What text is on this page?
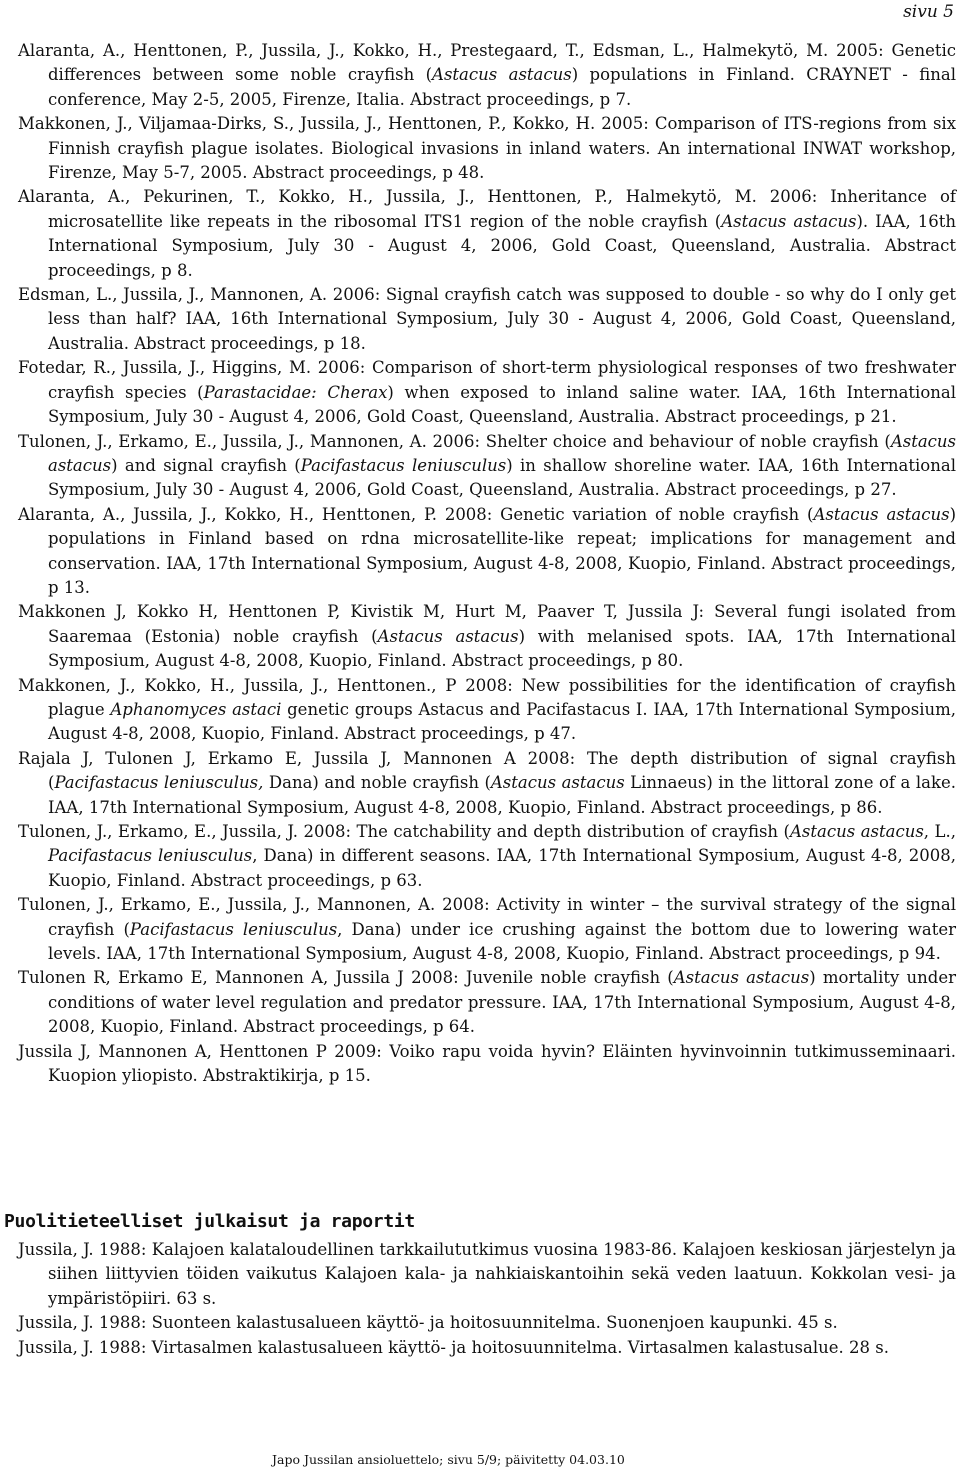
sivu 5
Alaranta, A., Henttonen, P., Jussila, J., Kokko, H., Prestegaard, T., Edsman, L., Halmekytö, M. 2005: Genetic differences between some noble crayfish (Astacus astacus) populations in Finland. CRAYNET - final conference, May 2-5, 2005, Firenze, Italia. Abstract proceedings, p 7.
Makkonen, J., Viljamaa-Dirks, S., Jussila, J., Henttonen, P., Kokko, H. 2005: Comparison of ITS-regions from six Finnish crayfish plague isolates. Biological invasions in inland waters. An international INWAT workshop, Firenze, May 5-7, 2005. Abstract proceedings, p 48.
Alaranta, A., Pekurinen, T., Kokko, H., Jussila, J., Henttonen, P., Halmekytö, M. 2006: Inheritance of microsatellite like repeats in the ribosomal ITS1 region of the noble crayfish (Astacus astacus). IAA, 16th International Symposium, July 30 - August 4, 2006, Gold Coast, Queensland, Australia. Abstract proceedings, p 8.
Edsman, L., Jussila, J., Mannonen, A. 2006: Signal crayfish catch was supposed to double - so why do I only get less than half? IAA, 16th International Symposium, July 30 - August 4, 2006, Gold Coast, Queensland, Australia. Abstract proceedings, p 18.
Fotedar, R., Jussila, J., Higgins, M. 2006: Comparison of short-term physiological responses of two freshwater crayfish species (Parastacidae: Cherax) when exposed to inland saline water. IAA, 16th International Symposium, July 30 - August 4, 2006, Gold Coast, Queensland, Australia. Abstract proceedings, p 21.
Tulonen, J., Erkamo, E., Jussila, J., Mannonen, A. 2006: Shelter choice and behaviour of noble crayfish (Astacus astacus) and signal crayfish (Pacifastacus leniusculus) in shallow shoreline water. IAA, 16th International Symposium, July 30 - August 4, 2006, Gold Coast, Queensland, Australia. Abstract proceedings, p 27.
Alaranta, A., Jussila, J., Kokko, H., Henttonen, P. 2008: Genetic variation of noble crayfish (Astacus astacus) populations in Finland based on rdna microsatellite-like repeat; implications for management and conservation. IAA, 17th International Symposium, August 4-8, 2008, Kuopio, Finland. Abstract proceedings, p 13.
Makkonen J, Kokko H, Henttonen P, Kivistik M, Hurt M, Paaver T, Jussila J: Several fungi isolated from Saaremaa (Estonia) noble crayfish (Astacus astacus) with melanised spots. IAA, 17th International Symposium, August 4-8, 2008, Kuopio, Finland. Abstract proceedings, p 80.
Makkonen, J., Kokko, H., Jussila, J., Henttonen., P 2008: New possibilities for the identification of crayfish plague Aphanomyces astaci genetic groups Astacus and Pacifastacus I. IAA, 17th International Symposium, August 4-8, 2008, Kuopio, Finland. Abstract proceedings, p 47.
Rajala J, Tulonen J, Erkamo E, Jussila J, Mannonen A 2008: The depth distribution of signal crayfish (Pacifastacus leniusculus, Dana) and noble crayfish (Astacus astacus Linnaeus) in the littoral zone of a lake. IAA, 17th International Symposium, August 4-8, 2008, Kuopio, Finland. Abstract proceedings, p 86.
Tulonen, J., Erkamo, E., Jussila, J. 2008: The catchability and depth distribution of crayfish (Astacus astacus, L., Pacifastacus leniusculus, Dana) in different seasons. IAA, 17th International Symposium, August 4-8, 2008, Kuopio, Finland. Abstract proceedings, p 63.
Tulonen, J., Erkamo, E., Jussila, J., Mannonen, A. 2008: Activity in winter – the survival strategy of the signal crayfish (Pacifastacus leniusculus, Dana) under ice crushing against the bottom due to lowering water levels. IAA, 17th International Symposium, August 4-8, 2008, Kuopio, Finland. Abstract proceedings, p 94.
Tulonen R, Erkamo E, Mannonen A, Jussila J 2008: Juvenile noble crayfish (Astacus astacus) mortality under conditions of water level regulation and predator pressure. IAA, 17th International Symposium, August 4-8, 2008, Kuopio, Finland. Abstract proceedings, p 64.
Jussila J, Mannonen A, Henttonen P 2009: Voiko rapu voida hyvin? Eläinten hyvinvoinnin tutkimusseminaari. Kuopion yliopisto. Abstraktikirja, p 15.
Puolitieteelliset julkaisut ja raportit
Jussila, J. 1988: Kalajoen kalataloudellinen tarkkailututkimus vuosina 1983-86. Kalajoen keskiosan järjestelyn ja siihen liittyvien töiden vaikutus Kalajoen kala- ja nahkiaiskantoihin sekä veden laatuun. Kokkolan vesi- ja ympäristöpiiri. 63 s.
Jussila, J. 1988: Suonteen kalastusalueen käyttö- ja hoitosuunnitelma. Suonenjoen kaupunki. 45 s.
Jussila, J. 1988: Virtasalmen kalastusalueen käyttö- ja hoitosuunnitelma. Virtasalmen kalastusalue. 28 s.
Japo Jussilan ansioluettelo; sivu 5/9; päivitetty 04.03.10
